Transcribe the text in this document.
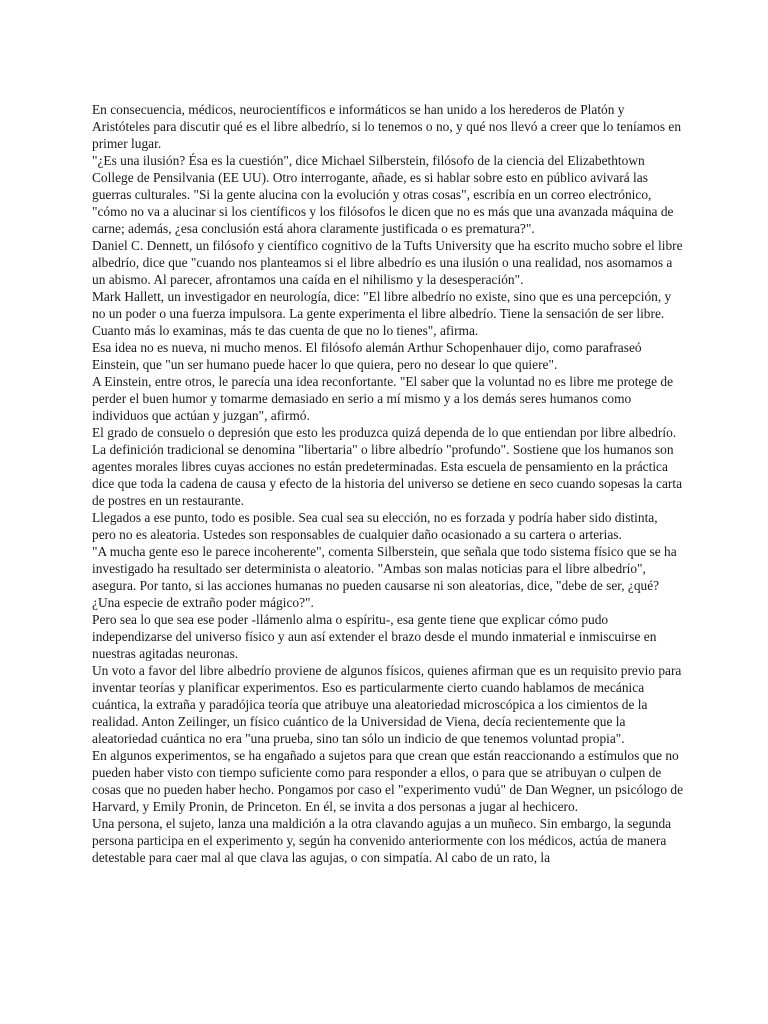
En consecuencia, médicos, neurocientíficos e informáticos se han unido a los herederos de Platón y Aristóteles para discutir qué es el libre albedrío, si lo tenemos o no, y qué nos llevó a creer que lo teníamos en primer lugar.

"¿Es una ilusión? Ésa es la cuestión", dice Michael Silberstein, filósofo de la ciencia del Elizabethtown College de Pensilvania (EE UU). Otro interrogante, añade, es si hablar sobre esto en público avivará las guerras culturales. "Si la gente alucina con la evolución y otras cosas", escribía en un correo electrónico, "cómo no va a alucinar si los científicos y los filósofos le dicen que no es más que una avanzada máquina de carne; además, ¿esa conclusión está ahora claramente justificada o es prematura?".

Daniel C. Dennett, un filósofo y científico cognitivo de la Tufts University que ha escrito mucho sobre el libre albedrío, dice que "cuando nos planteamos si el libre albedrío es una ilusión o una realidad, nos asomamos a un abismo. Al parecer, afrontamos una caída en el nihilismo y la desesperación".

Mark Hallett, un investigador en neurología, dice: "El libre albedrío no existe, sino que es una percepción, y no un poder o una fuerza impulsora. La gente experimenta el libre albedrío. Tiene la sensación de ser libre. Cuanto más lo examinas, más te das cuenta de que no lo tienes", afirma.

Esa idea no es nueva, ni mucho menos. El filósofo alemán Arthur Schopenhauer dijo, como parafraseó Einstein, que "un ser humano puede hacer lo que quiera, pero no desear lo que quiere".

A Einstein, entre otros, le parecía una idea reconfortante. "El saber que la voluntad no es libre me protege de perder el buen humor y tomarme demasiado en serio a mí mismo y a los demás seres humanos como individuos que actúan y juzgan", afirmó.

El grado de consuelo o depresión que esto les produzca quizá dependa de lo que entiendan por libre albedrío. La definición tradicional se denomina "libertaria" o libre albedrío "profundo". Sostiene que los humanos son agentes morales libres cuyas acciones no están predeterminadas. Esta escuela de pensamiento en la práctica dice que toda la cadena de causa y efecto de la historia del universo se detiene en seco cuando sopesas la carta de postres en un restaurante.

Llegados a ese punto, todo es posible. Sea cual sea su elección, no es forzada y podría haber sido distinta, pero no es aleatoria. Ustedes son responsables de cualquier daño ocasionado a su cartera o arterias.

"A mucha gente eso le parece incoherente", comenta Silberstein, que señala que todo sistema físico que se ha investigado ha resultado ser determinista o aleatorio. "Ambas son malas noticias para el libre albedrío", asegura. Por tanto, si las acciones humanas no pueden causarse ni son aleatorias, dice, "debe de ser, ¿qué? ¿Una especie de extraño poder mágico?".

Pero sea lo que sea ese poder -llámenlo alma o espíritu-, esa gente tiene que explicar cómo pudo independizarse del universo físico y aun así extender el brazo desde el mundo inmaterial e inmiscuirse en nuestras agitadas neuronas.

Un voto a favor del libre albedrío proviene de algunos físicos, quienes afirman que es un requisito previo para inventar teorías y planificar experimentos. Eso es particularmente cierto cuando hablamos de mecánica cuántica, la extraña y paradójica teoría que atribuye una aleatoriedad microscópica a los cimientos de la realidad. Anton Zeilinger, un físico cuántico de la Universidad de Viena, decía recientemente que la aleatoriedad cuántica no era "una prueba, sino tan sólo un indicio de que tenemos voluntad propia".

En algunos experimentos, se ha engañado a sujetos para que crean que están reaccionando a estímulos que no pueden haber visto con tiempo suficiente como para responder a ellos, o para que se atribuyan o culpen de cosas que no pueden haber hecho. Pongamos por caso el "experimento vudú" de Dan Wegner, un psicólogo de Harvard, y Emily Pronin, de Princeton. En él, se invita a dos personas a jugar al hechicero.

Una persona, el sujeto, lanza una maldición a la otra clavando agujas a un muñeco. Sin embargo, la segunda persona participa en el experimento y, según ha convenido anteriormente con los médicos, actúa de manera detestable para caer mal al que clava las agujas, o con simpatía. Al cabo de un rato, la
